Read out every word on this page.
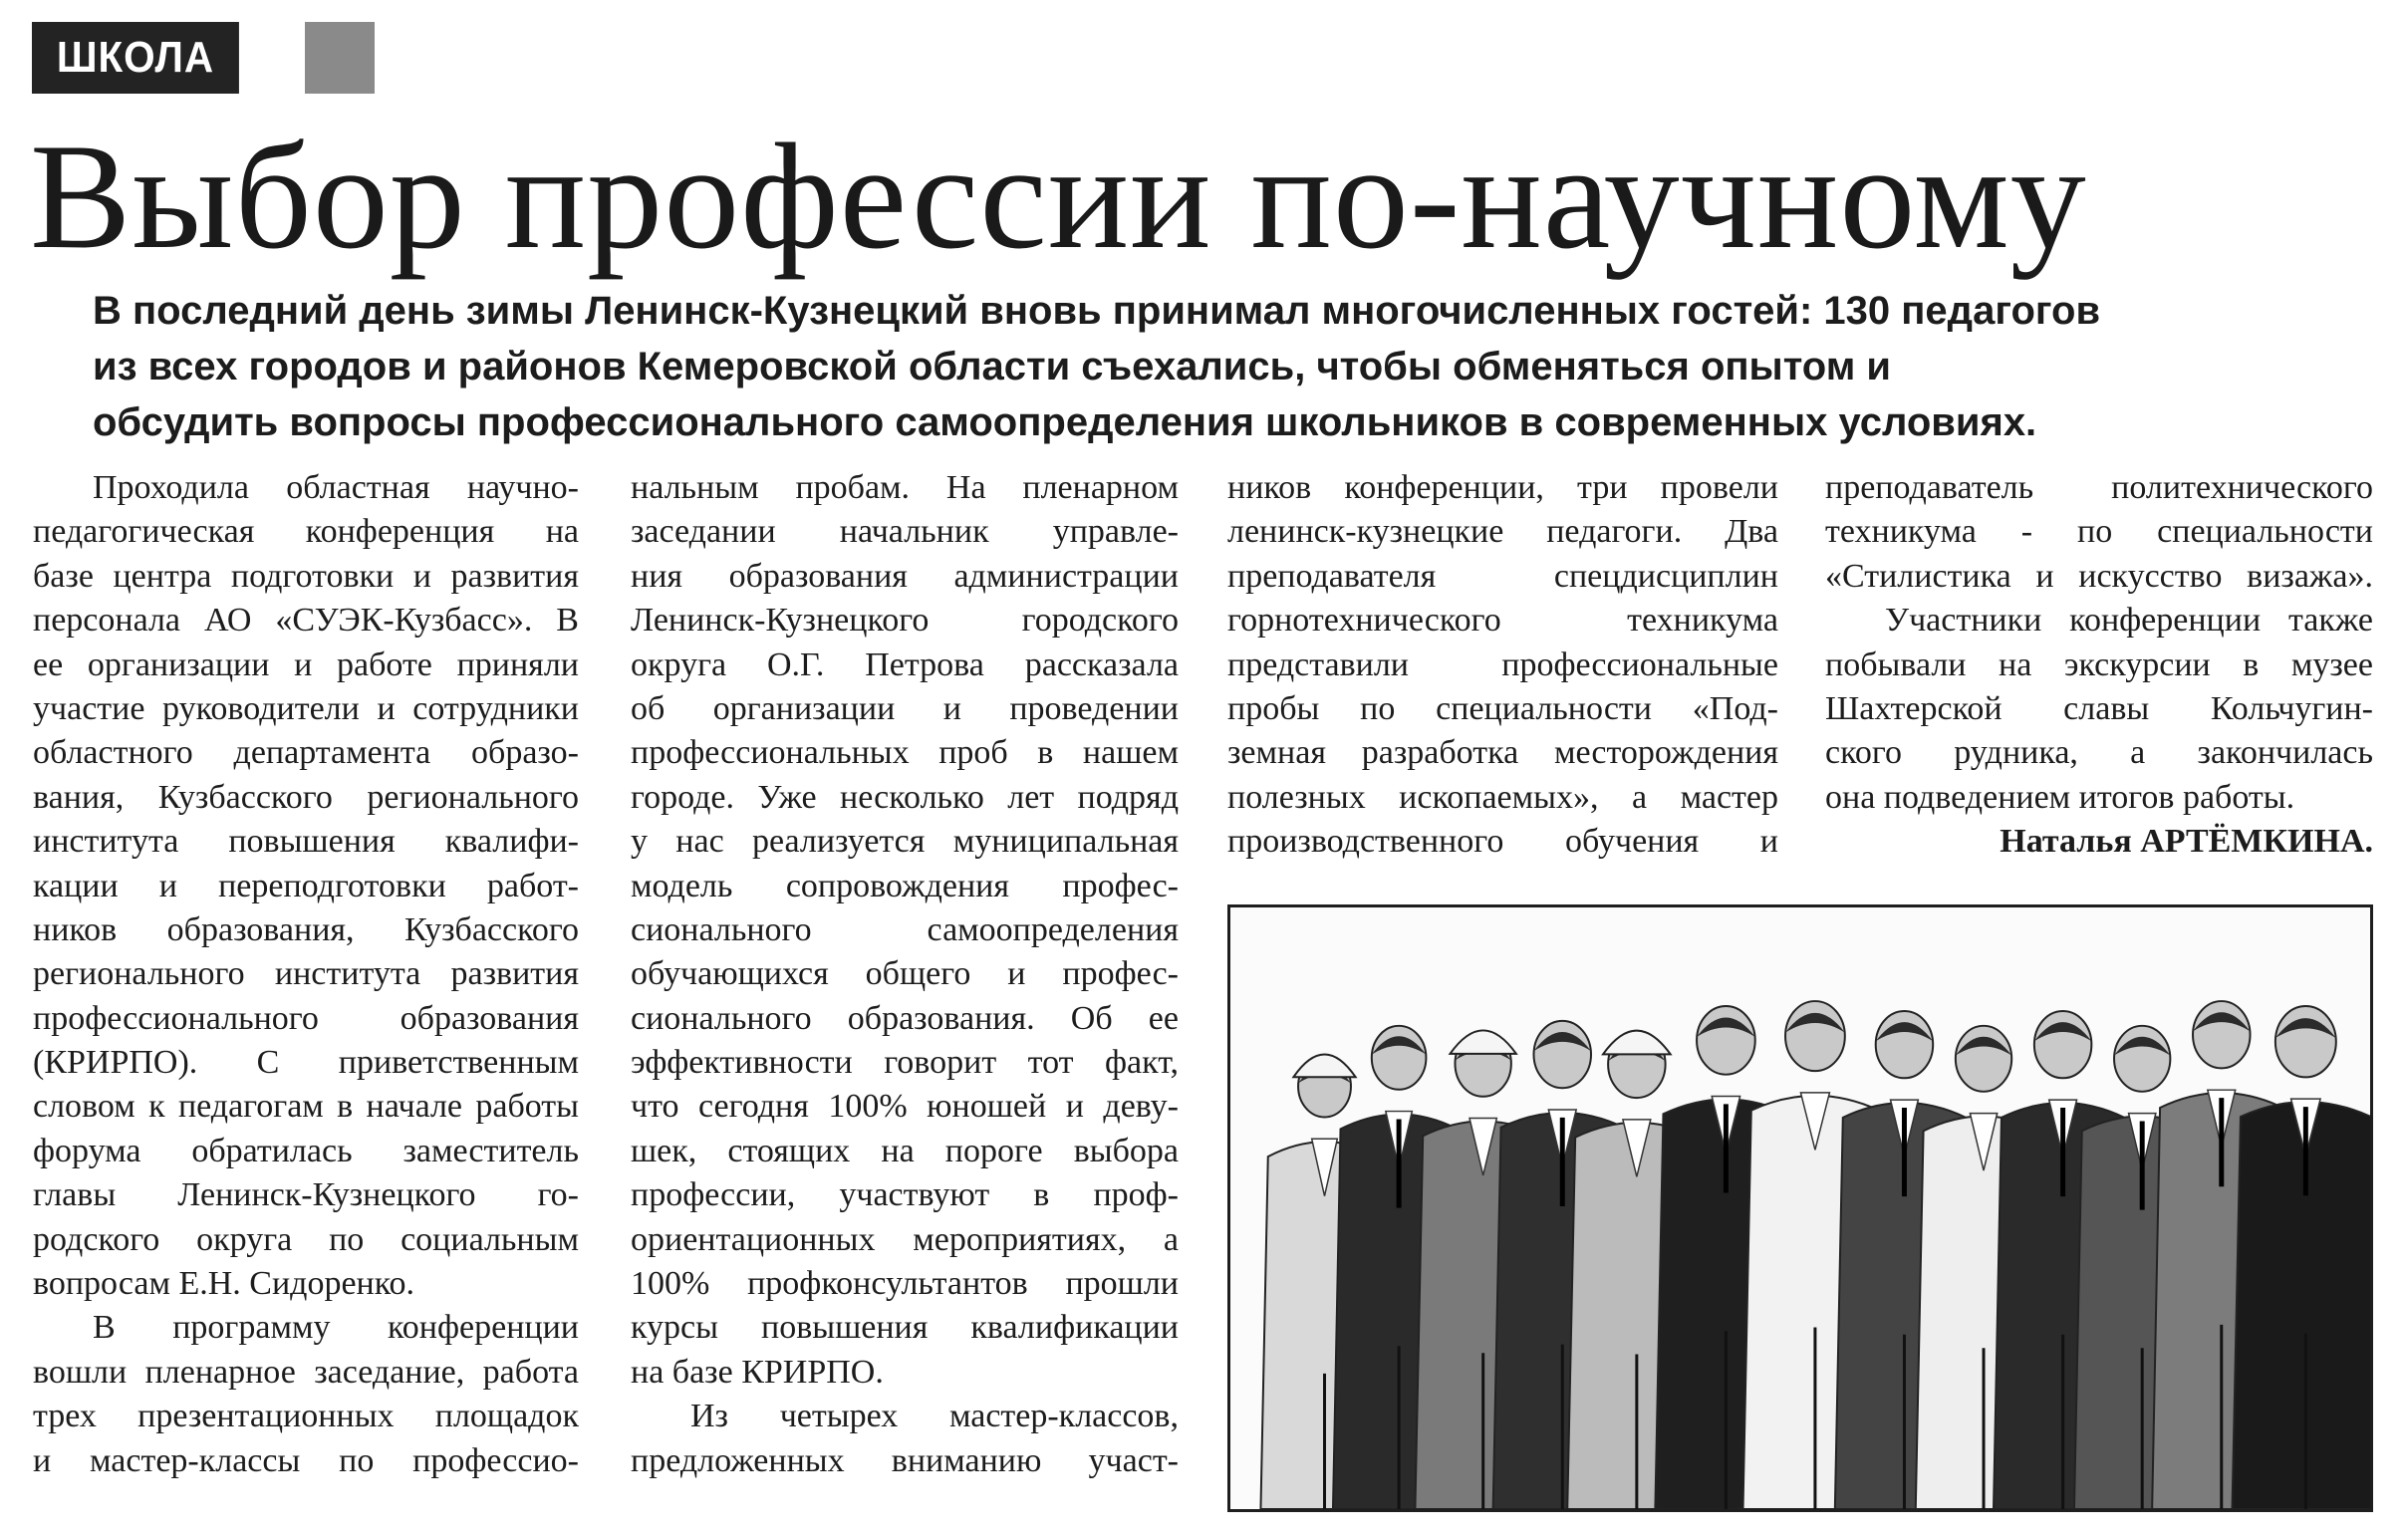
ШКОЛА
Выбор профессии по-научному
В последний день зимы Ленинск-Кузнецкий вновь принимал многочисленных гостей: 130 педагогов
из всех городов и районов Кемеровской области съехались, чтобы обменяться опытом и
обсудить вопросы профессионального самоопределения школьников в современных условиях.
Проходила областная научно-
педагогическая конференция на
базе центра подготовки и развития
персонала АО «СУЭК-Кузбасс». В
ее организации и работе приняли
участие руководители и сотрудники
областного департамента образо-
вания, Кузбасского регионального
института повышения квалифи-
кации и переподготовки работ-
ников образования, Кузбасского
регионального института развития
профессионального образования
(КРИРПО). С приветственным
словом к педагогам в начале работы
форума обратилась заместитель
главы Ленинск-Кузнецкого го-
родского округа по социальным
вопросам Е.Н. Сидоренко.
В программу конференции
вошли пленарное заседание, работа
трех презентационных площадок
и мастер-классы по профессио-
нальным пробам. На пленарном
заседании начальник управле-
ния образования администрации
Ленинск-Кузнецкого городского
округа О.Г. Петрова рассказала
об организации и проведении
профессиональных проб в нашем
городе. Уже несколько лет подряд
у нас реализуется муниципальная
модель сопровождения профес-
сионального самоопределения
обучающихся общего и профес-
сионального образования. Об ее
эффективности говорит тот факт,
что сегодня 100% юношей и деву-
шек, стоящих на пороге выбора
профессии, участвуют в проф-
ориентационных мероприятиях, а
100% профконсультантов прошли
курсы повышения квалификации
на базе КРИРПО.
Из четырех мастер-классов,
предложенных вниманию участ-
ников конференции, три провели
ленинск-кузнецкие педагоги. Два
преподавателя спецдисциплин
горнотехнического техникума
представили профессиональные
пробы по специальности «Под-
земная разработка месторождения
полезных ископаемых», а мастер
производственного обучения и
преподаватель политехнического
техникума - по специальности
«Стилистика и искусство визажа».
Участники конференции также
побывали на экскурсии в музее
Шахтерской славы Кольчугин-
ского рудника, а закончилась
она подведением итогов работы.
Наталья АРТЁМКИНА.
